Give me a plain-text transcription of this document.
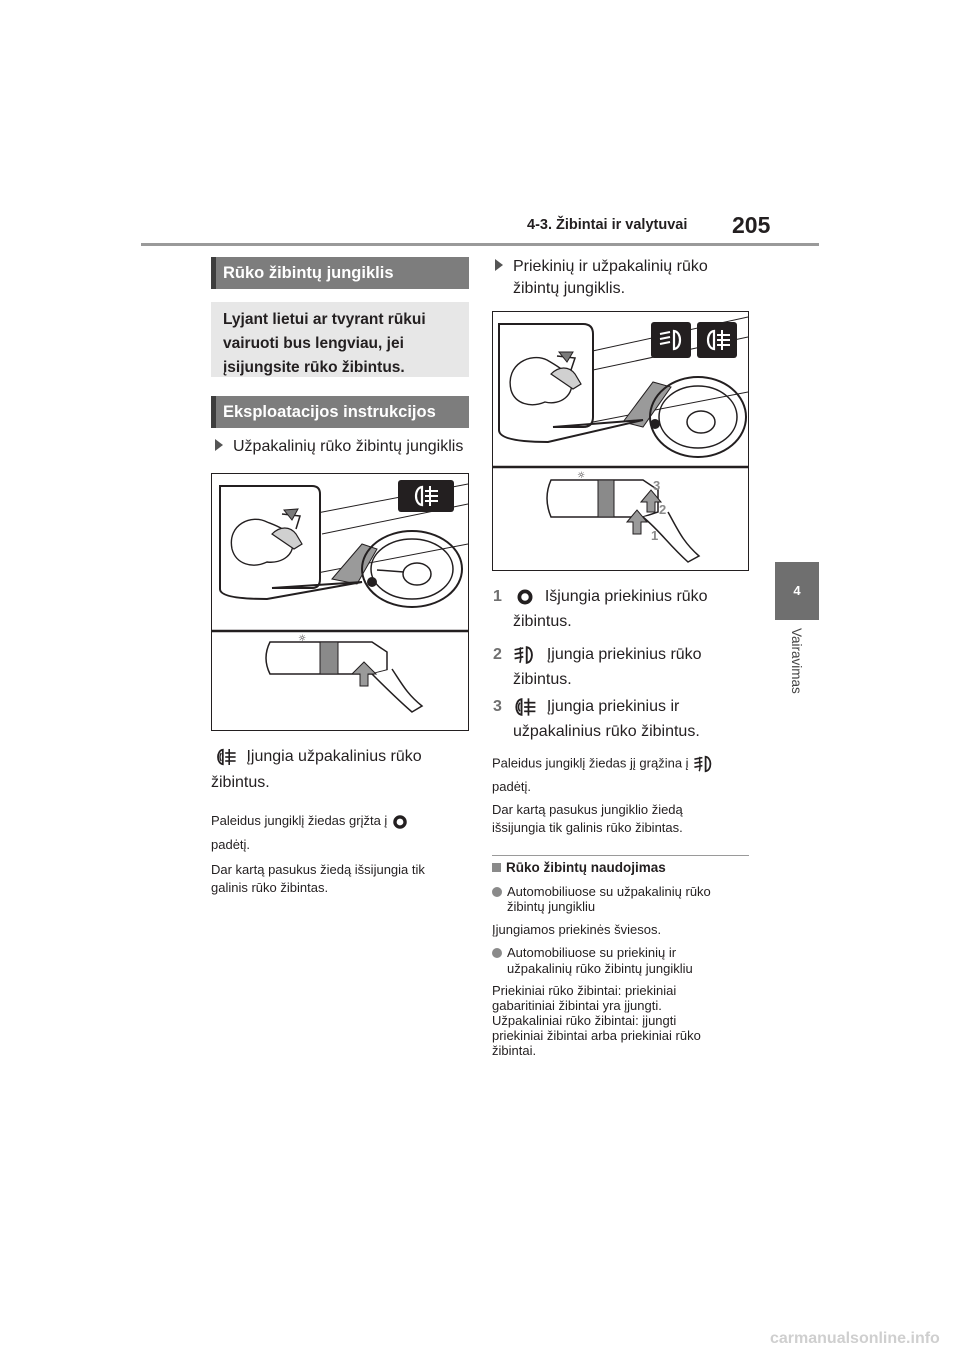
4-3. Žibintai ir valytuvai 205
4
Vairavimas
Rūko žibintų jungiklis
Lyjant lietui ar tvyrant rūkui
vairuoti bus lengviau, jei
įsijungsite rūko žibintus.
Eksploatacijos instrukcijos
Užpakalinių rūko žibintų jungiklis
☼
Įjungia užpakalinius rūko
žibintus.
Paleidus jungiklį žiedas grįžta į
padėtį.
Dar kartą pasukus žiedą išsijungia tik
galinis rūko žibintas.
Priekinių ir užpakalinių rūko
žibintų jungiklis.
☼
3
2
1
1	Išjungia priekinius rūko
žibintus.
2	Įjungia priekinius rūko
žibintus.
3	Įjungia priekinius ir
užpakalinius rūko žibintus.
Paleidus jungiklį žiedas jį grąžina į
padėtį.
Dar kartą pasukus jungiklio žiedą
išsijungia tik galinis rūko žibintas.
Rūko žibintų naudojimas
Automobiliuose su užpakalinių rūko
žibintų jungikliu
Įjungiamos priekinės šviesos.
Automobiliuose su priekinių ir
užpakalinių rūko žibintų jungikliu
Priekiniai rūko žibintai: priekiniai
gabaritiniai žibintai yra įjungti.
Užpakaliniai rūko žibintai: įjungti
priekiniai žibintai arba priekiniai rūko
žibintai.
carmanualsonline.info
